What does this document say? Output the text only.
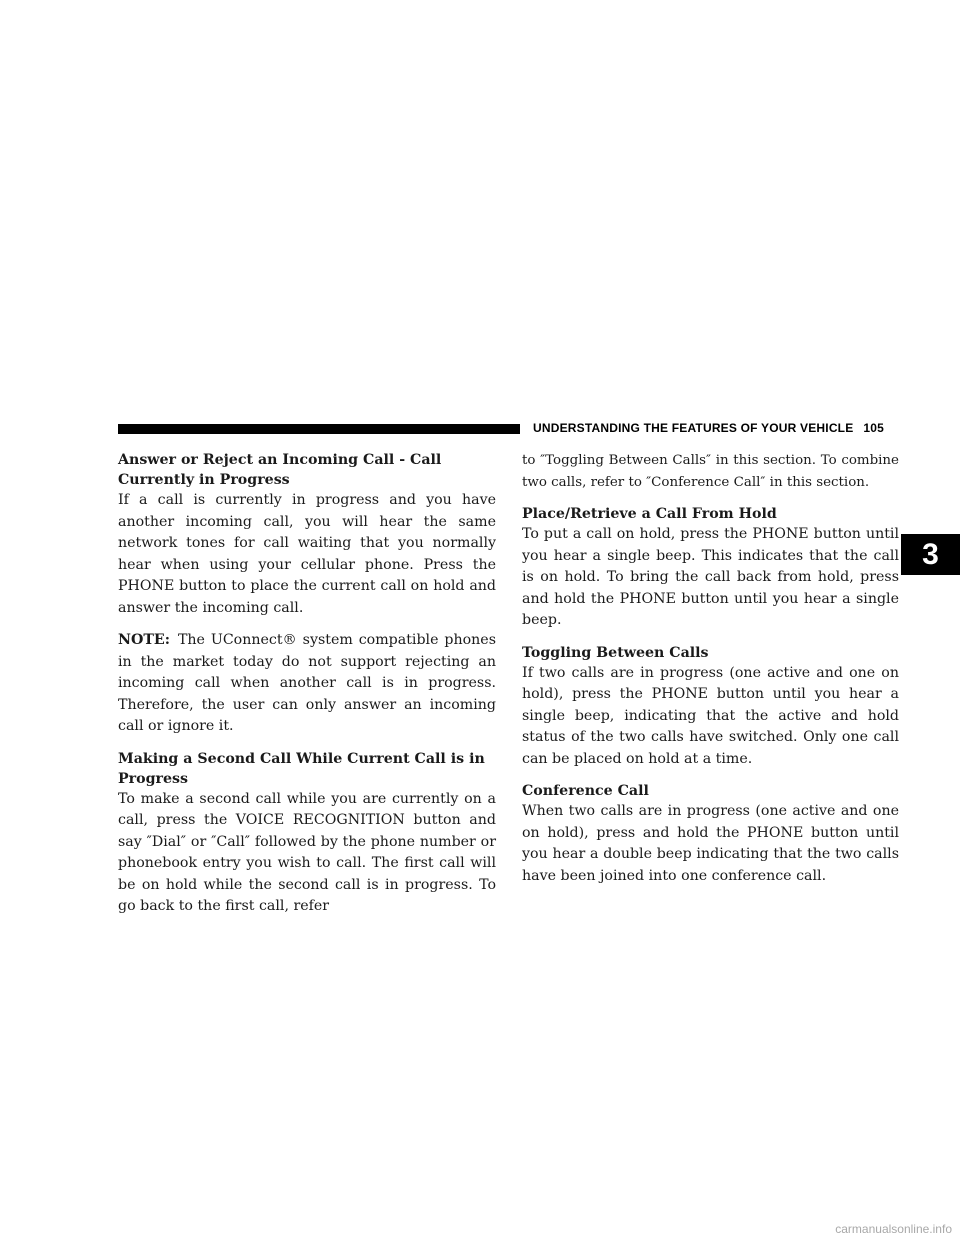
UNDERSTANDING THE FEATURES OF YOUR VEHICLE 105
Answer or Reject an Incoming Call - Call Currently in Progress

If a call is currently in progress and you have another incoming call, you will hear the same network tones for call waiting that you normally hear when using your cellular phone. Press the PHONE button to place the current call on hold and answer the incoming call.

NOTE: The UConnect® system compatible phones in the market today do not support rejecting an incoming call when another call is in progress. Therefore, the user can only answer an incoming call or ignore it.

Making a Second Call While Current Call is in Progress

To make a second call while you are currently on a call, press the VOICE RECOGNITION button and say ″Dial″ or ″Call″ followed by the phone number or phonebook entry you wish to call. The first call will be on hold while the second call is in progress. To go back to the first call, refer

to ″Toggling Between Calls″ in this section. To combine two calls, refer to ″Conference Call″ in this section.

Place/Retrieve a Call From Hold

To put a call on hold, press the PHONE button until you hear a single beep. This indicates that the call is on hold. To bring the call back from hold, press and hold the PHONE button until you hear a single beep.

Toggling Between Calls

If two calls are in progress (one active and one on hold), press the PHONE button until you hear a single beep, indicating that the active and hold status of the two calls have switched. Only one call can be placed on hold at a time.

Conference Call

When two calls are in progress (one active and one on hold), press and hold the PHONE button until you hear a double beep indicating that the two calls have been joined into one conference call.

3
carmanualsonline.info
